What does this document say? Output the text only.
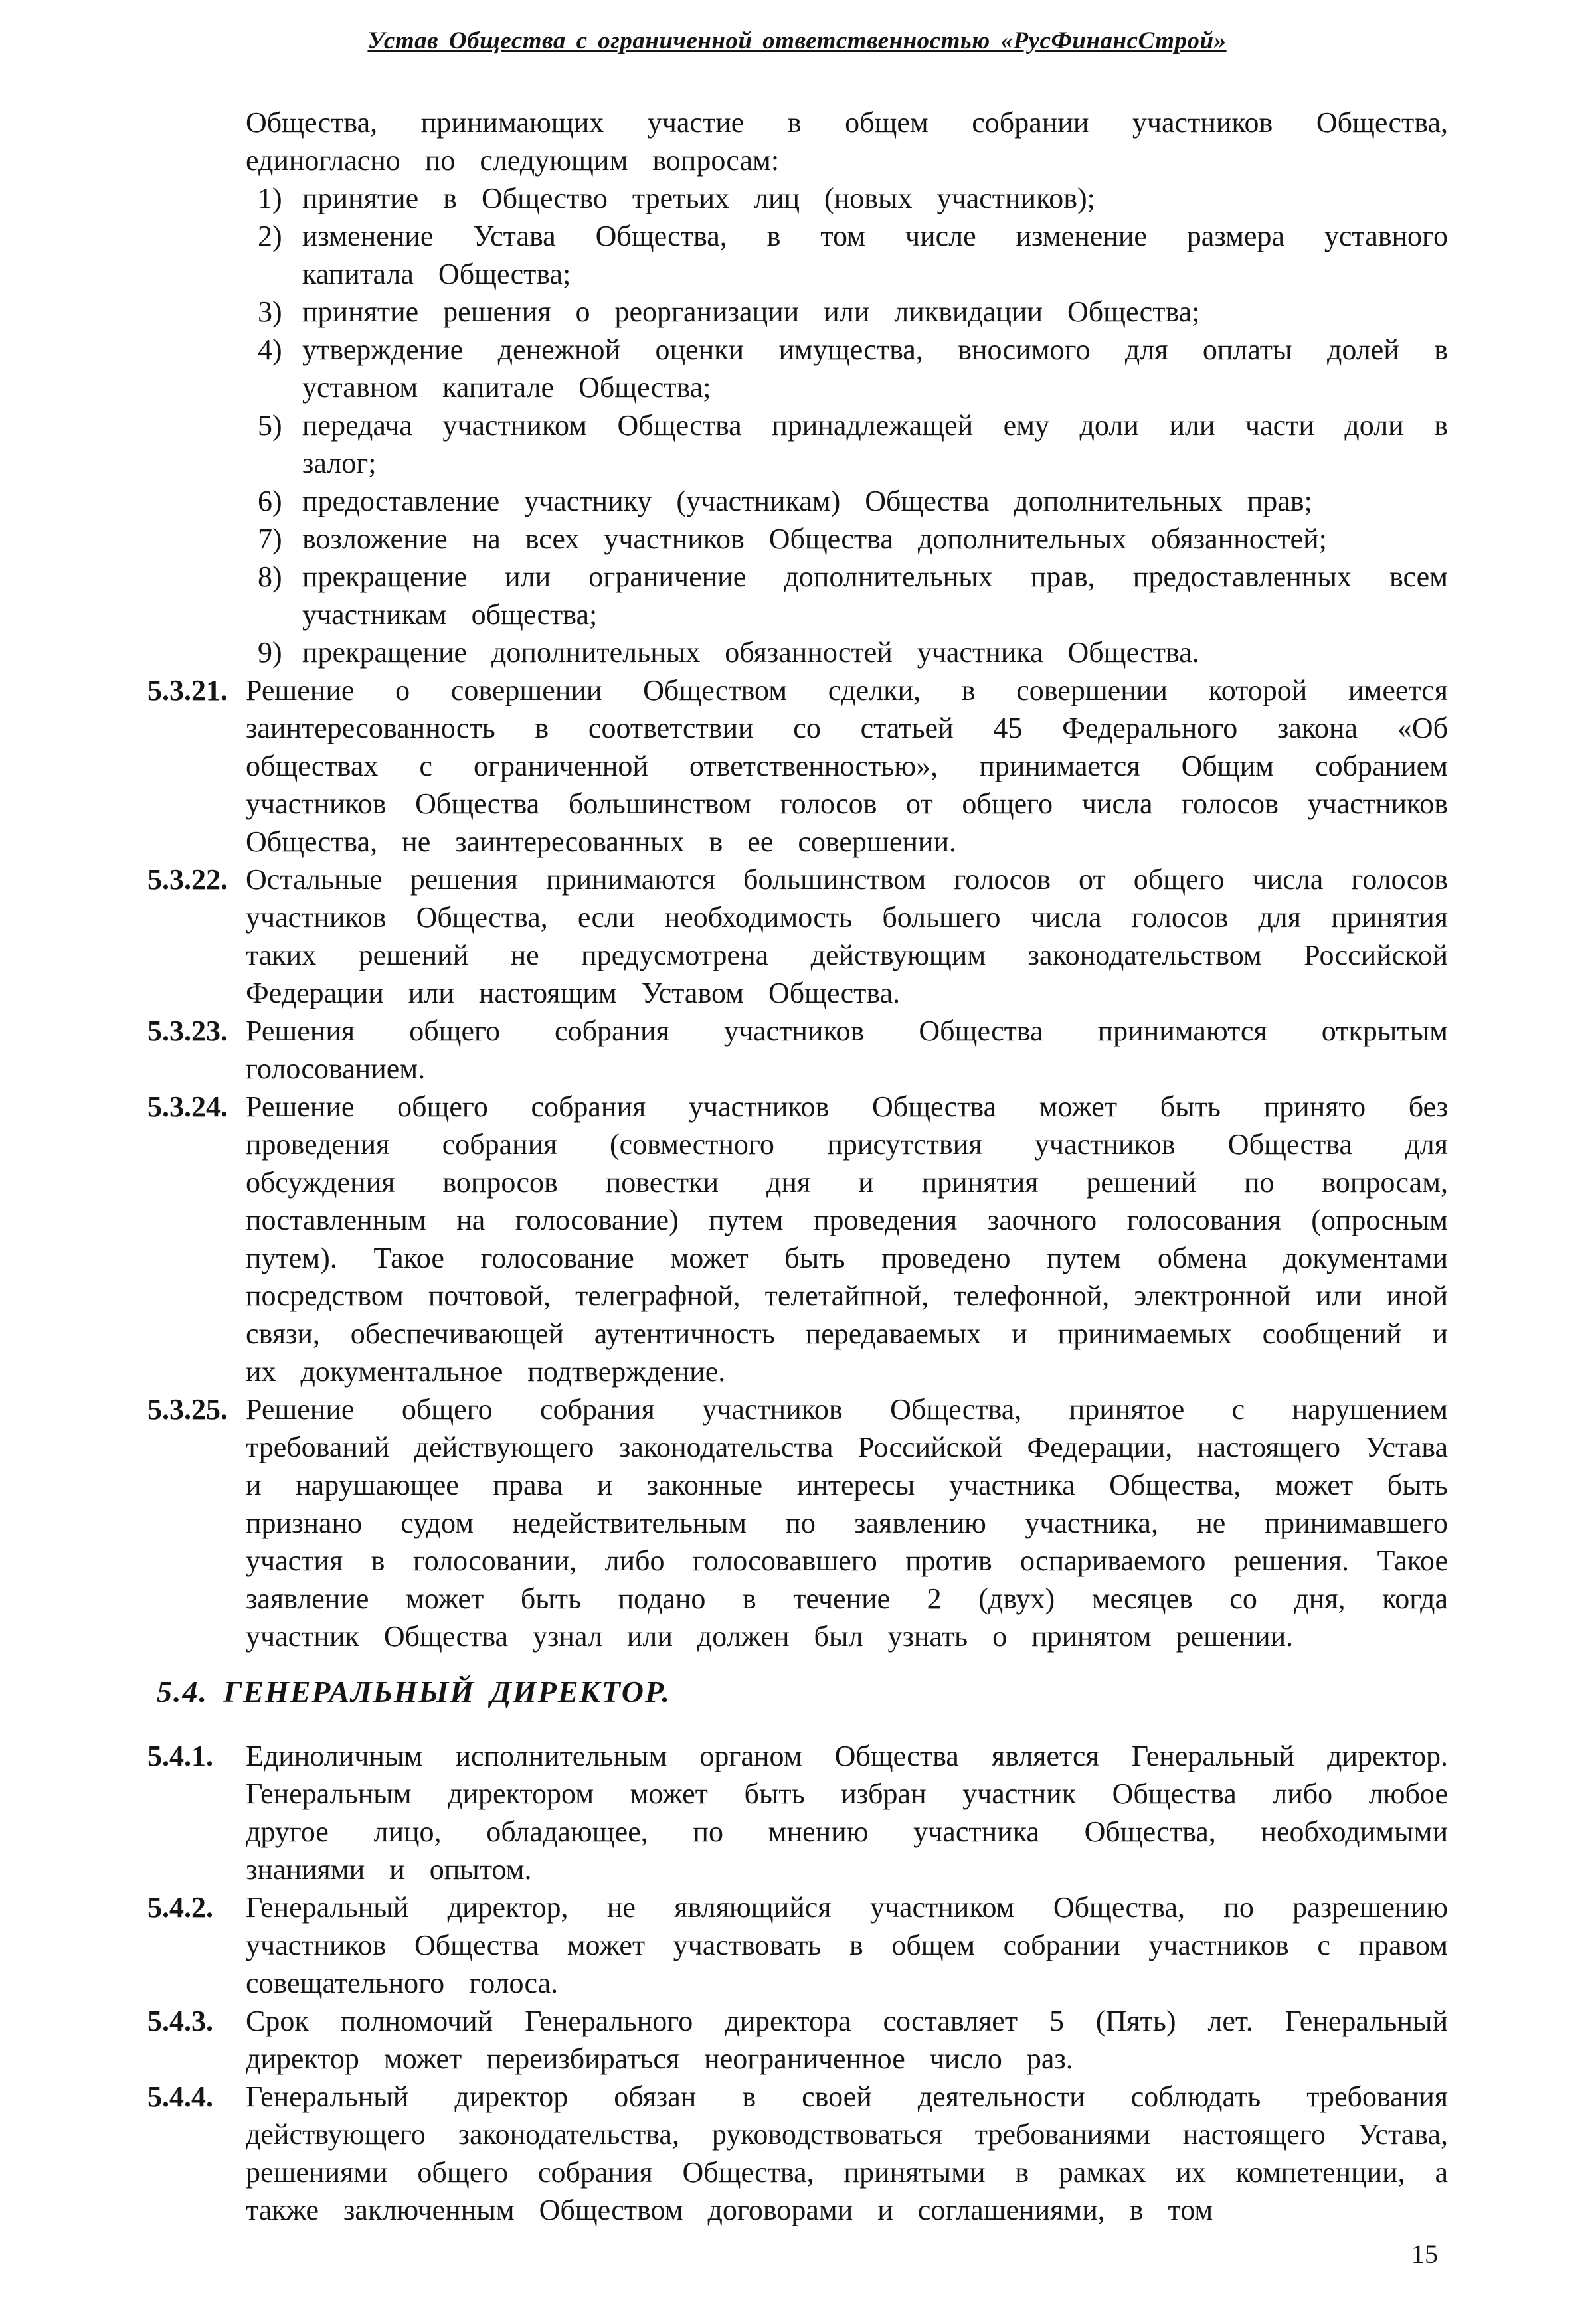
Устав Общества с ограниченной ответственностью «РусФинансСтрой»

Общества, принимающих участие в общем собрании участников Общества, единогласно по следующим вопросам:

1) принятие в Общество третьих лиц (новых участников);
2) изменение Устава Общества, в том числе изменение размера уставного капитала Общества;
3) принятие решения о реорганизации или ликвидации Общества;
4) утверждение денежной оценки имущества, вносимого для оплаты долей в уставном капитале Общества;
5) передача участником Общества принадлежащей ему доли или части доли в залог;
6) предоставление участнику (участникам) Общества дополнительных прав;
7) возложение на всех участников Общества дополнительных обязанностей;
8) прекращение или ограничение дополнительных прав, предоставленных всем участникам общества;
9) прекращение дополнительных обязанностей участника Общества.
5.3.21. Решение о совершении Обществом сделки, в совершении которой имеется заинтересованность в соответствии со статьей 45 Федерального закона «Об обществах с ограниченной ответственностью», принимается Общим собранием участников Общества большинством голосов от общего числа голосов участников Общества, не заинтересованных в ее совершении.
5.3.22. Остальные решения принимаются большинством голосов от общего числа голосов участников Общества, если необходимость большего числа голосов для принятия таких решений не предусмотрена действующим законодательством Российской Федерации или настоящим Уставом Общества.
5.3.23. Решения общего собрания участников Общества принимаются открытым голосованием.
5.3.24. Решение общего собрания участников Общества может быть принято без проведения собрания (совместного присутствия участников Общества для обсуждения вопросов повестки дня и принятия решений по вопросам, поставленным на голосование) путем проведения заочного голосования (опросным путем). Такое голосование может быть проведено путем обмена документами посредством почтовой, телеграфной, телетайпной, телефонной, электронной или иной связи, обеспечивающей аутентичность передаваемых и принимаемых сообщений и их документальное подтверждение.
5.3.25. Решение общего собрания участников Общества, принятое с нарушением требований действующего законодательства Российской Федерации, настоящего Устава и нарушающее права и законные интересы участника Общества, может быть признано судом недействительным по заявлению участника, не принимавшего участия в голосовании, либо голосовавшего против оспариваемого решения. Такое заявление может быть подано в течение 2 (двух) месяцев со дня, когда участник Общества узнал или должен был узнать о принятом решении.
5.4. ГЕНЕРАЛЬНЫЙ ДИРЕКТОР.
5.4.1. Единоличным исполнительным органом Общества является Генеральный директор. Генеральным директором может быть избран участник Общества либо любое другое лицо, обладающее, по мнению участника Общества, необходимыми знаниями и опытом.
5.4.2. Генеральный директор, не являющийся участником Общества, по разрешению участников Общества может участвовать в общем собрании участников с правом совещательного голоса.
5.4.3. Срок полномочий Генерального директора составляет 5 (Пять) лет. Генеральный директор может переизбираться неограниченное число раз.
5.4.4. Генеральный директор обязан в своей деятельности соблюдать требования действующего законодательства, руководствоваться требованиями настоящего Устава, решениями общего собрания Общества, принятыми в рамках их компетенции, а также заключенным Обществом договорами и соглашениями, в том
15
